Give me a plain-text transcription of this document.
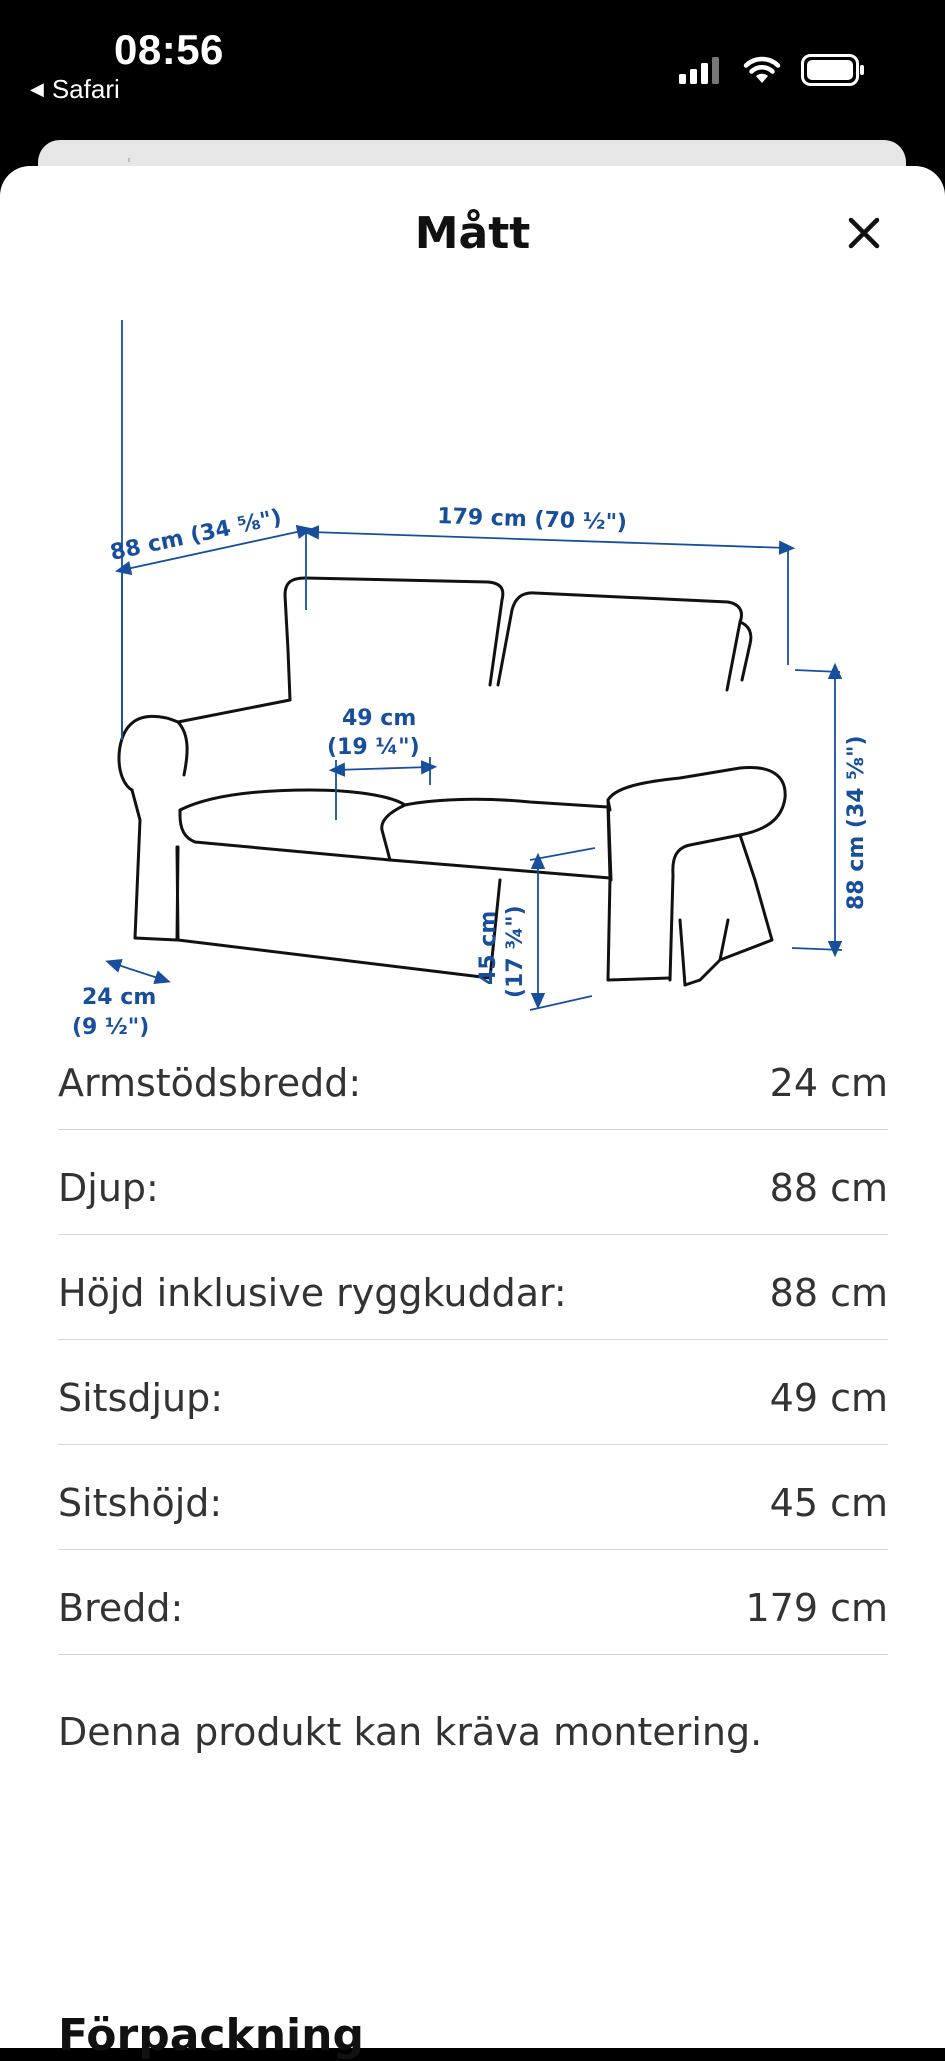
08:56
◀ Safari
Mått
88 cm (34 ⅝")	179 cm (70 ½")
88 cm (34 ⅝")
49 cm
(19 ¼")
45 cm (17 ¾")
24 cm
(9 ½")
Armstödsbredd:	24 cm
Djup:	88 cm
Höjd inklusive ryggkuddar:	88 cm
Sitsdjup:	49 cm
Sitshöjd:	45 cm
Bredd:	179 cm
Denna produkt kan kräva montering.
Förpackning
